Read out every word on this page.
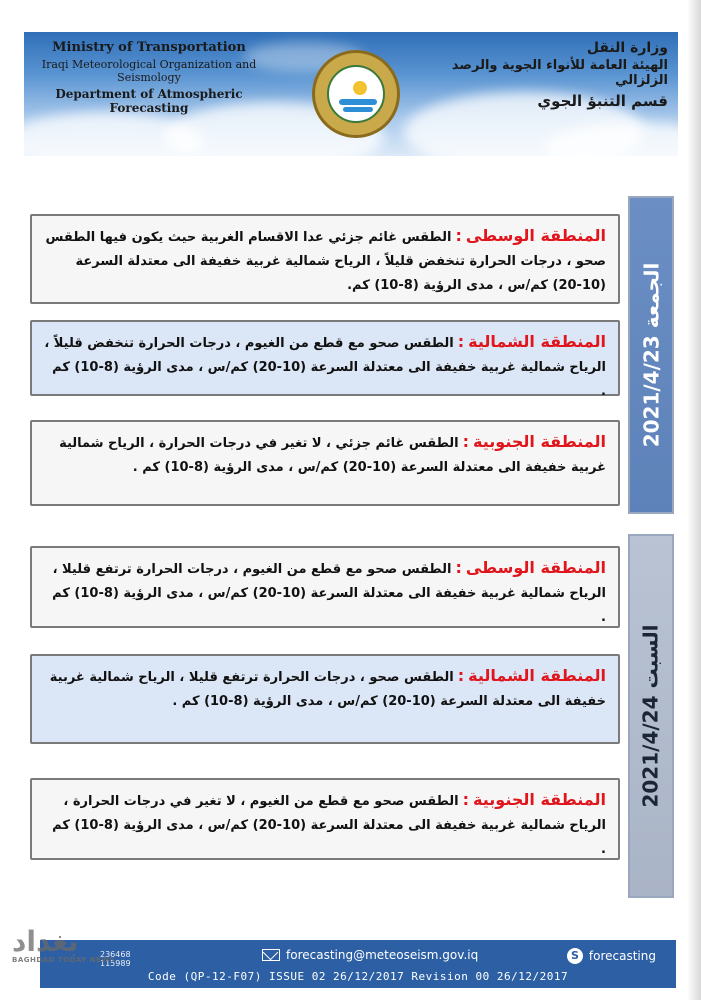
Ministry of Transportation
Iraqi Meteorological Organization and Seismology
Department of Atmospheric Forecasting
وزارة النقل
الهيئة العامة للأنواء الجوية والرصد الزلزالي
قسم التنبؤ الجوي
الجمعة 2021/4/23
المنطقة الوسطى:الطقس غائم جزئي عدا الاقسام الغربية حيث يكون فيها الطقس صحو ، درجات الحرارة تنخفض قليلاً ، الرياح شمالية غربية خفيفة الى معتدلة السرعة (10-20) كم/س ، مدى الرؤية (8-10) كم.
المنطقة الشمالية:الطقس صحو مع قطع من الغيوم ، درجات الحرارة تنخفض قليلاً ، الرياح شمالية غربية خفيفة الى معتدلة السرعة (10-20) كم/س ، مدى الرؤية (8-10) كم .
المنطقة الجنوبية:الطقس غائم جزئي ، لا تغير في درجات الحرارة ، الرياح شمالية غربية خفيفة الى معتدلة السرعة (10-20) كم/س ، مدى الرؤية (8-10) كم .
السبت 2021/4/24
المنطقة الوسطى:الطقس صحو مع قطع من الغيوم ، درجات الحرارة ترتفع قليلا ، الرياح شمالية غربية خفيفة الى معتدلة السرعة (10-20) كم/س ، مدى الرؤية (8-10) كم .
المنطقة الشمالية:الطقس صحو ، درجات الحرارة ترتفع قليلا ، الرياح شمالية غربية خفيفة الى معتدلة السرعة (10-20) كم/س ، مدى الرؤية (8-10) كم .
المنطقة الجنوبية:الطقس صحو مع قطع من الغيوم ، لا تغير في درجات الحرارة ، الرياح شمالية غربية خفيفة الى معتدلة السرعة (10-20) كم/س ، مدى الرؤية (8-10) كم .
236468
115989
forecasting@meteoseism.gov.iq	S forecasting
Code (QP-12-F07) ISSUE 02 26/12/2017 Revision 00 26/12/2017
بغداد
BAGHDAD TODAY NEWS
